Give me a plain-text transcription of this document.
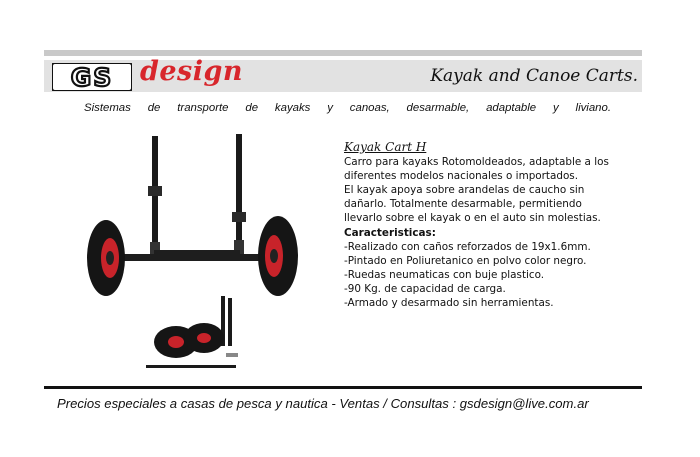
GS design	Kayak and Canoe Carts.
Sistemas de transporte de kayaks y canoas, desarmable, adaptable y liviano.
Kayak Cart H
Carro para kayaks Rotomoldeados, adaptable a los
diferentes modelos nacionales o importados.
El kayak apoya sobre arandelas de caucho sin
dañarlo. Totalmente desarmable, permitiendo
llevarlo sobre el kayak o en el auto sin molestias.
Caracteristicas:
-Realizado con caños reforzados de 19x1.6mm.
-Pintado en Poliuretanico en polvo color negro.
-Ruedas neumaticas con buje plastico.
-90 Kg. de capacidad de carga.
-Armado y desarmado sin herramientas.
Precios especiales a casas de pesca y nautica - Ventas / Consultas : gsdesign@live.com.ar
